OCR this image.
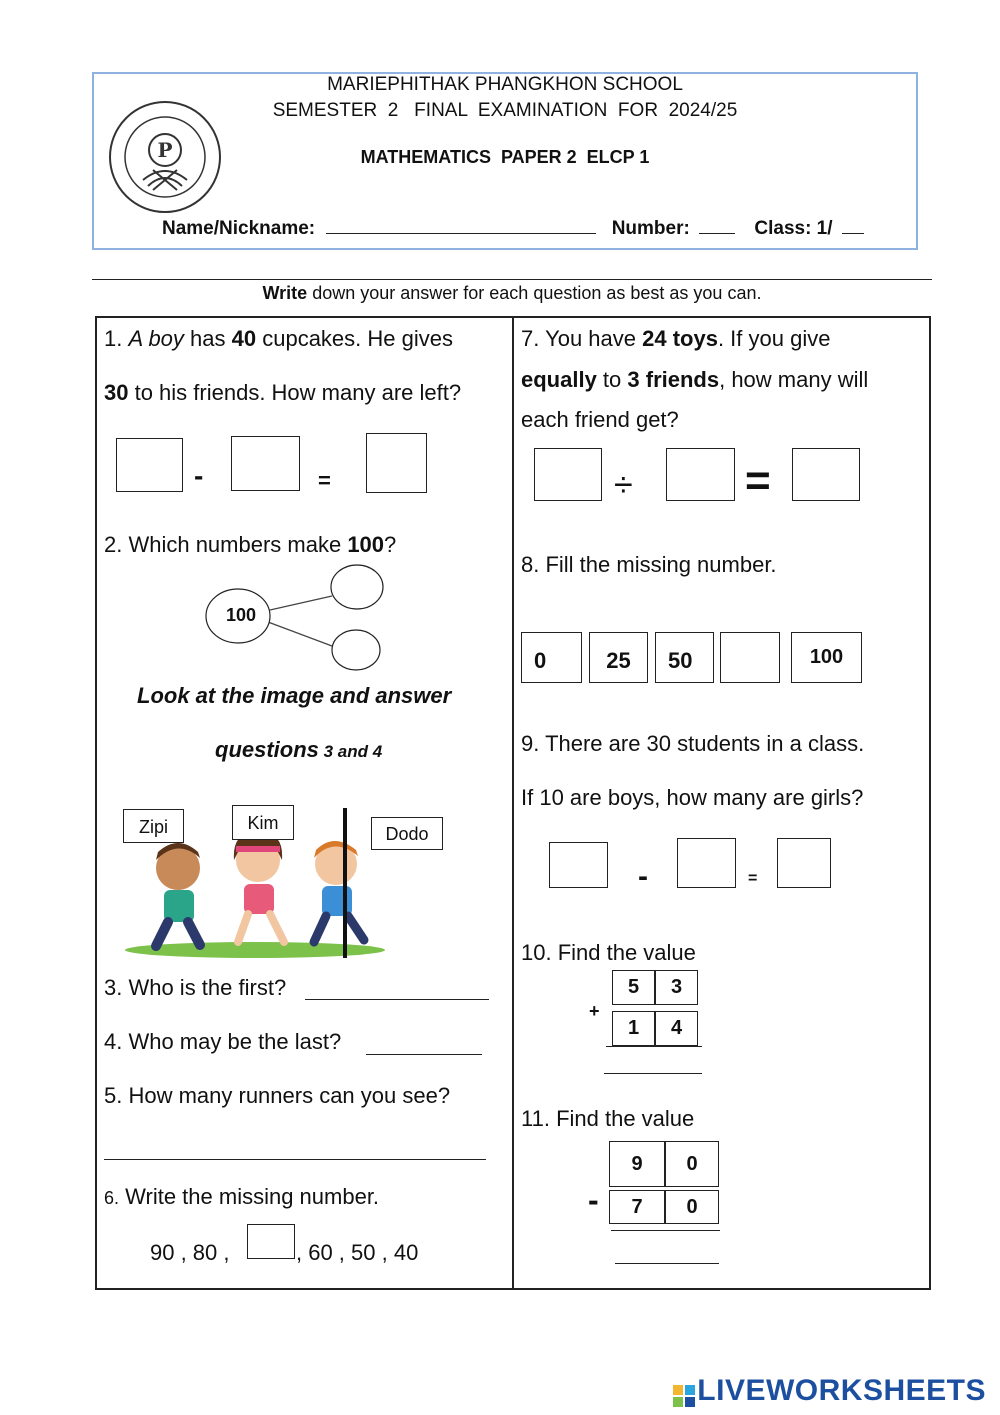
MARIEPHITHAK PHANGKHON SCHOOL
SEMESTER  2   FINAL  EXAMINATION  FOR  2024/25
MATHEMATICS  PAPER 2  ELCP 1
P
Name/Nickname:	Number:	Class: 1/
Write down your answer for each question as best as you can.
1. A boy has 40 cupcakes. He gives
30 to his friends. How many are left?
-	=
2. Which numbers make 100?
100
Look at the image and answer
questions 3 and 4
Zipi	Kim
Dodo
3. Who is the first?
4. Who may be the last?
5. How many runners can you see?
6. Write the missing number.
90 , 80 ,	, 60 , 50 , 40
7. You have 24 toys. If you give
equally to 3 friends, how many will
each friend get?
÷	=
8. Fill the missing number.
0	25	50	100
9. There are 30 students in a class.
If 10 are boys, how many are girls?
-	=
10. Find the value
5	3
+
1	4
11. Find the value
9	0
-	7	0
LIVEWORKSHEETS
